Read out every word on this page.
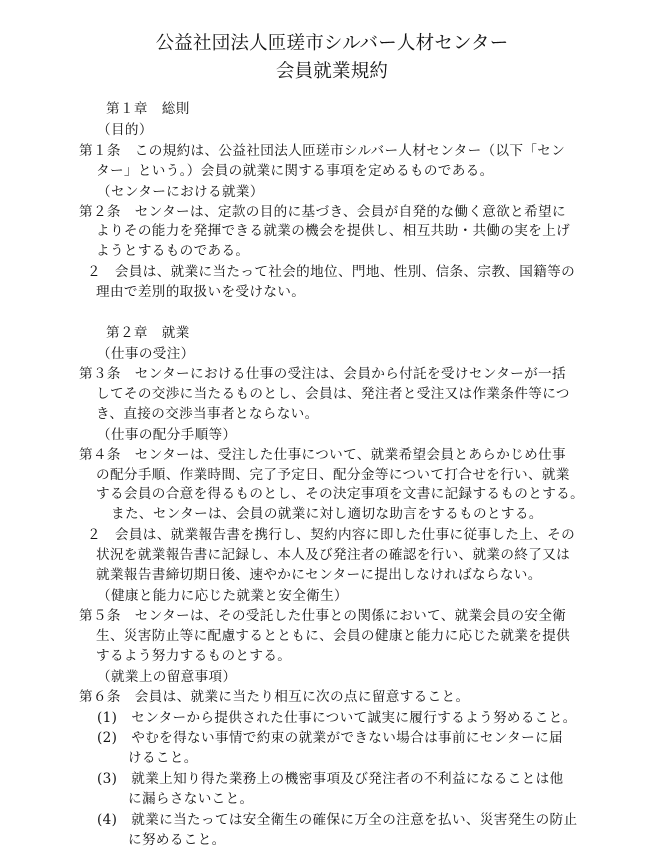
公益社団法人匝瑳市シルバー人材センター
会員就業規約
第１章　総則
（目的）
第１条　この規約は、公益社団法人匝瑳市シルバー人材センター（以下「セン
ター」という。）会員の就業に関する事項を定めるものである。
（センターにおける就業）
第２条　センターは、定款の目的に基づき、会員が自発的な働く意欲と希望に
よりその能力を発揮できる就業の機会を提供し、相互共助・共働の実を上げ
ようとするものである。
２　会員は、就業に当たって社会的地位、門地、性別、信条、宗教、国籍等の
理由で差別的取扱いを受けない。
第２章　就業
（仕事の受注）
第３条　センターにおける仕事の受注は、会員から付託を受けセンターが一括
してその交渉に当たるものとし、会員は、発注者と受注又は作業条件等につ
き、直接の交渉当事者とならない。
（仕事の配分手順等）
第４条　センターは、受注した仕事について、就業希望会員とあらかじめ仕事
の配分手順、作業時間、完了予定日、配分金等について打合せを行い、就業
する会員の合意を得るものとし、その決定事項を文書に記録するものとする。
また、センターは、会員の就業に対し適切な助言をするものとする。
２　会員は、就業報告書を携行し、契約内容に即した仕事に従事した上、その
状況を就業報告書に記録し、本人及び発注者の確認を行い、就業の終了又は
就業報告書締切期日後、速やかにセンターに提出しなければならない。
（健康と能力に応じた就業と安全衛生）
第５条　センターは、その受託した仕事との関係において、就業会員の安全衛
生、災害防止等に配慮するとともに、会員の健康と能力に応じた就業を提供
するよう努力するものとする。
（就業上の留意事項）
第６条　会員は、就業に当たり相互に次の点に留意すること。
(1)　センターから提供された仕事について誠実に履行するよう努めること。
(2)　やむを得ない事情で約束の就業ができない場合は事前にセンターに届
けること。
(3)　就業上知り得た業務上の機密事項及び発注者の不利益になることは他
に漏らさないこと。
(4)　就業に当たっては安全衛生の確保に万全の注意を払い、災害発生の防止
に努めること。
